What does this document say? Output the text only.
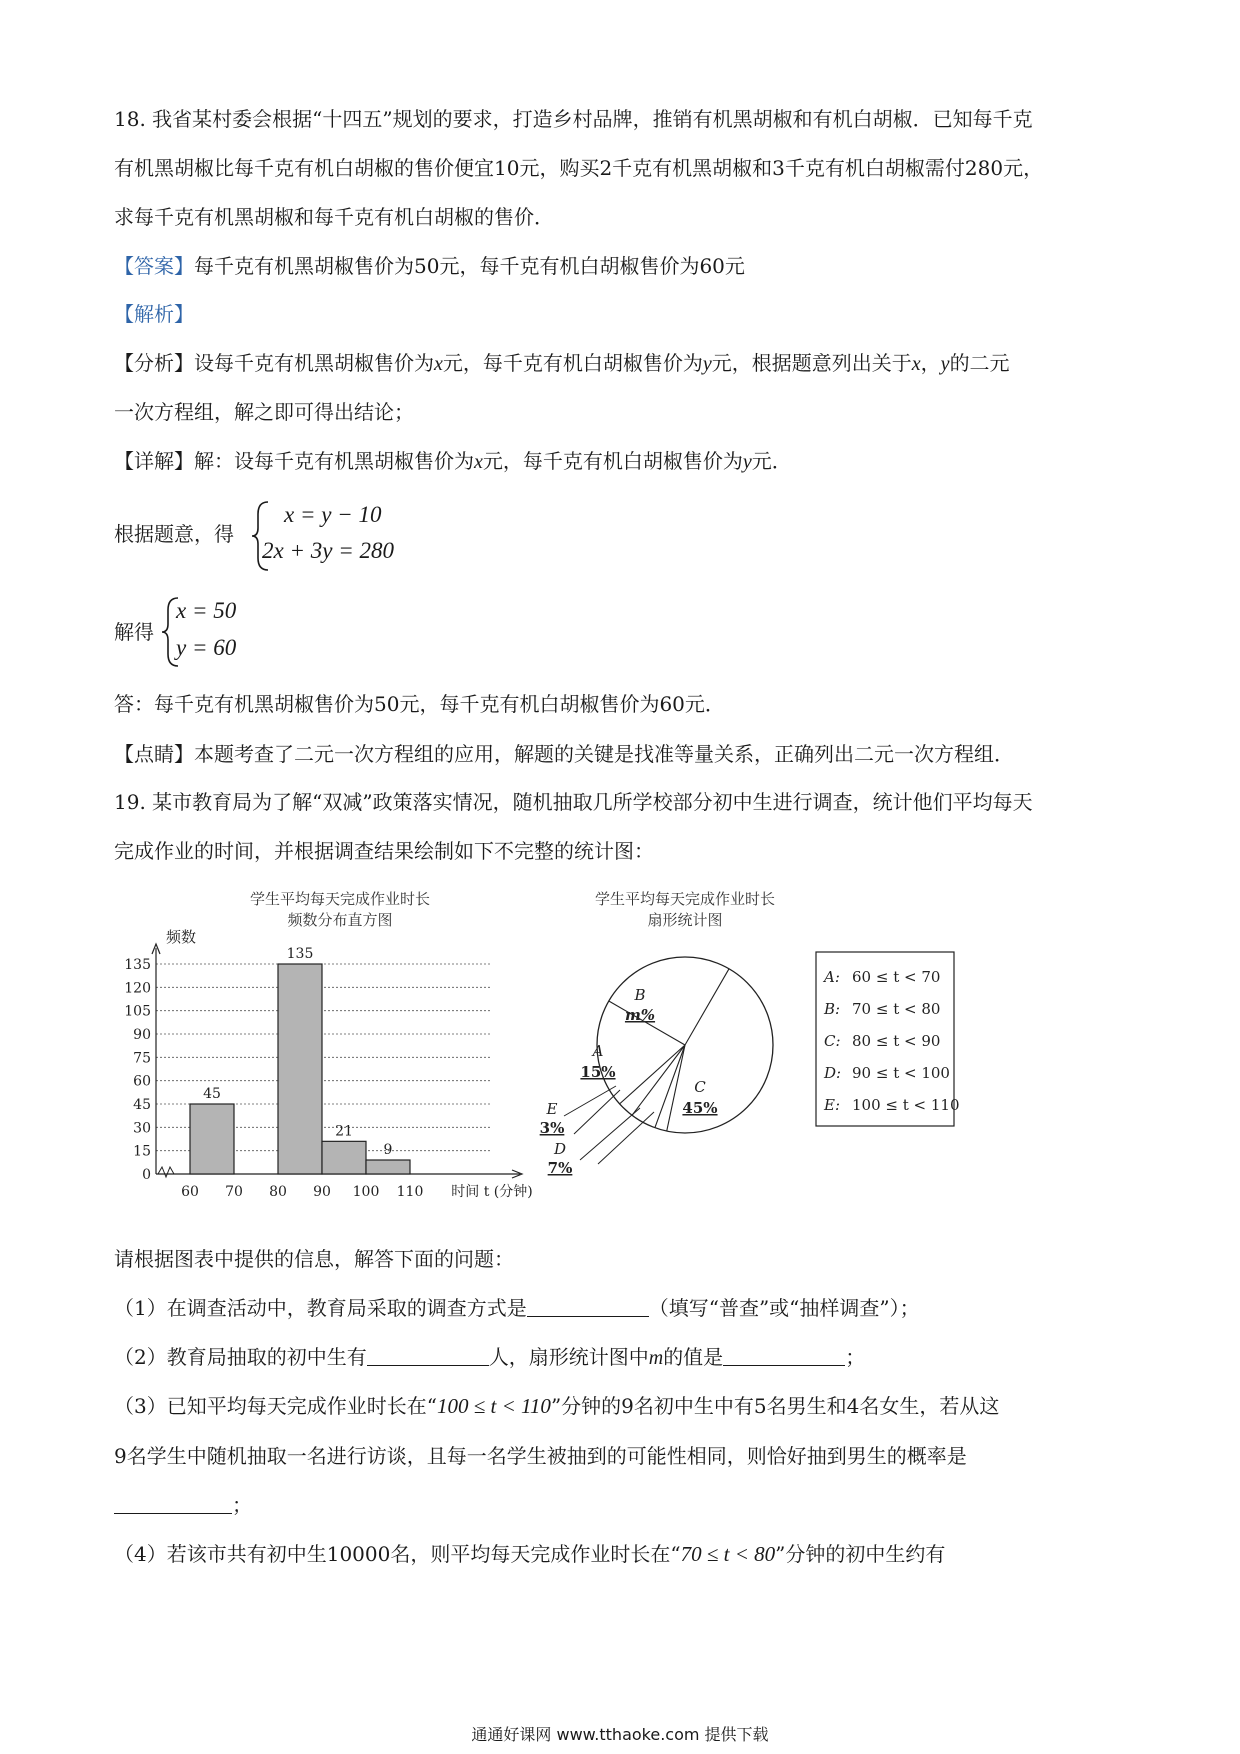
18. 我省某村委会根据“十四五”规划的要求，打造乡村品牌，推销有机黑胡椒和有机白胡椒．已知每千克
有机黑胡椒比每千克有机白胡椒的售价便宜10元，购买2千克有机黑胡椒和3千克有机白胡椒需付280元，
求每千克有机黑胡椒和每千克有机白胡椒的售价．
【答案】每千克有机黑胡椒售价为50元，每千克有机白胡椒售价为60元
【解析】
【分析】设每千克有机黑胡椒售价为x元，每千克有机白胡椒售价为y元，根据题意列出关于x，y的二元
一次方程组，解之即可得出结论；
【详解】解：设每千克有机黑胡椒售价为x元，每千克有机白胡椒售价为y元．
根据题意，得
x = y − 10
2x + 3y = 280
解得
x = 50
y = 60
答：每千克有机黑胡椒售价为50元，每千克有机白胡椒售价为60元．
【点睛】本题考查了二元一次方程组的应用，解题的关键是找准等量关系，正确列出二元一次方程组．
19. 某市教育局为了解“双减”政策落实情况，随机抽取几所学校部分初中生进行调查，统计他们平均每天
完成作业的时间，并根据调查结果绘制如下不完整的统计图：
学生平均每天完成作业时长
频数分布直方图
0
15
30
45
60
75
90
105
120
135
频数
45
135
21
9
60 70 80 90 100 110 时间 t (分钟)
学生平均每天完成作业时长
扇形统计图
A
15%
B
m%
C
45%
D
7%
E
3%
A: 60 ≤ t < 70
B: 70 ≤ t < 80
C: 80 ≤ t < 90
D: 90 ≤ t < 100
E: 100 ≤ t < 110
请根据图表中提供的信息，解答下面的问题：
（1）在调查活动中，教育局采取的调查方式是	（填写“普查”或“抽样调查”）；
（2）教育局抽取的初中生有	人，扇形统计图中m的值是	；
（3）已知平均每天完成作业时长在“100 ≤ t < 110”分钟的9名初中生中有5名男生和4名女生，若从这
9名学生中随机抽取一名进行访谈，且每一名学生被抽到的可能性相同，则恰好抽到男生的概率是
；
（4）若该市共有初中生10000名，则平均每天完成作业时长在“70 ≤ t < 80”分钟的初中生约有
通通好课网 www.tthaoke.com 提供下载
